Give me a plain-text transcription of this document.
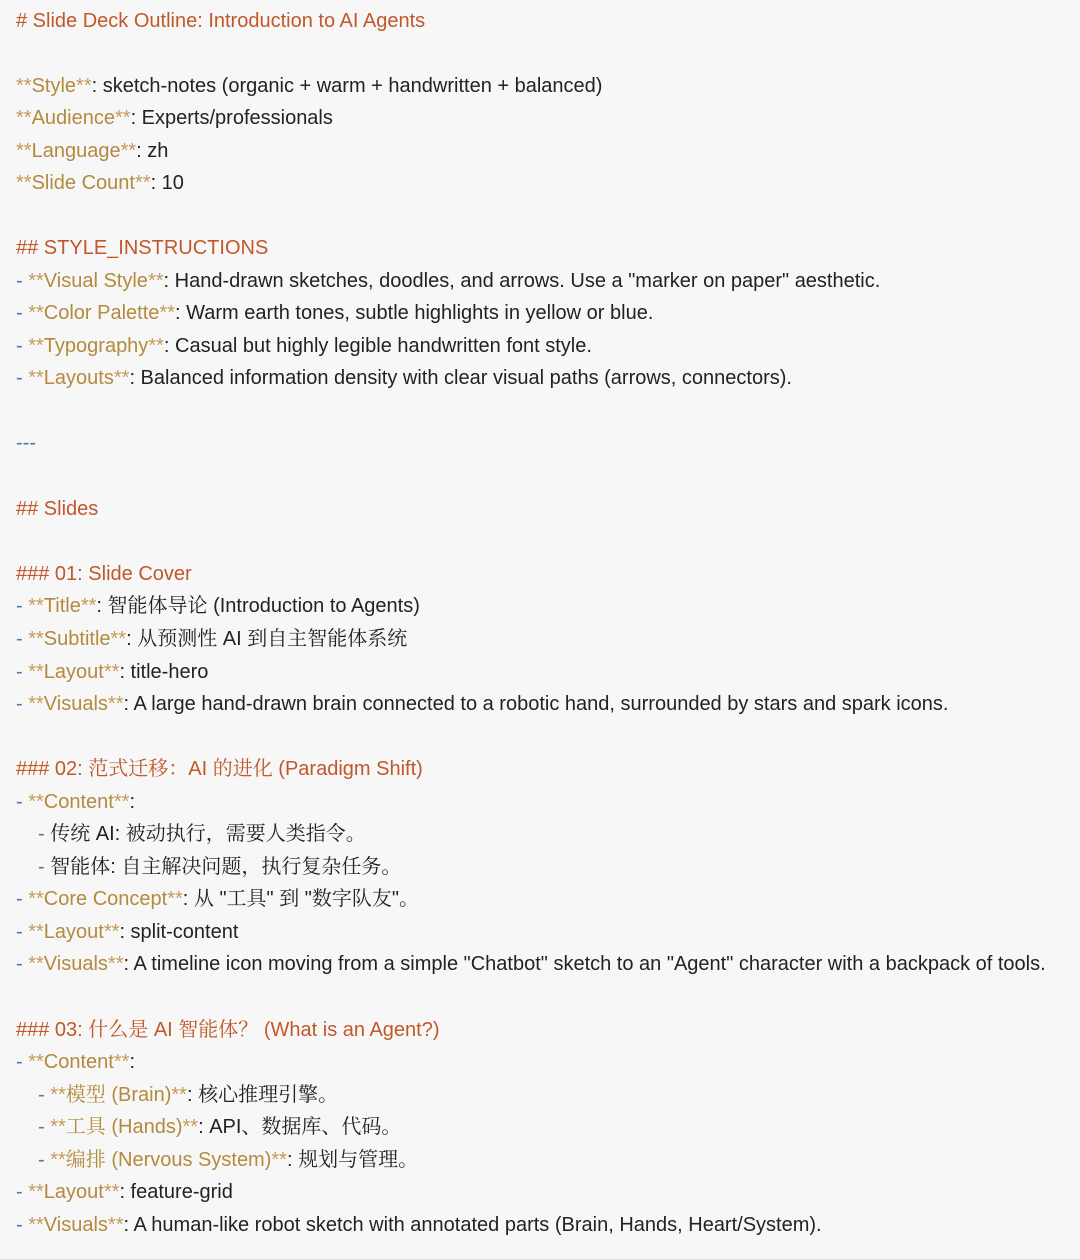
# Slide Deck Outline: Introduction to AI Agents
**Style**: sketch-notes (organic + warm + handwritten + balanced)
**Audience**: Experts/professionals
**Language**: zh
**Slide Count**: 10
## STYLE_INSTRUCTIONS
- **Visual Style**: Hand-drawn sketches, doodles, and arrows. Use a "marker on paper" aesthetic.
- **Color Palette**: Warm earth tones, subtle highlights in yellow or blue.
- **Typography**: Casual but highly legible handwritten font style.
- **Layouts**: Balanced information density with clear visual paths (arrows, connectors).
---
## Slides
### 01: Slide Cover
- **Title**: 智能体导论 (Introduction to Agents)
- **Subtitle**: 从预测性 AI 到自主智能体系统
- **Layout**: title-hero
- **Visuals**: A large hand-drawn brain connected to a robotic hand, surrounded by stars and spark icons.
### 02: 范式迁移：AI 的进化 (Paradigm Shift)
- **Content**:
- 传统 AI: 被动执行，需要人类指令。
- 智能体: 自主解决问题，执行复杂任务。
- **Core Concept**: 从 "工具" 到 "数字队友"。
- **Layout**: split-content
- **Visuals**: A timeline icon moving from a simple "Chatbot" sketch to an "Agent" character with a backpack of tools.
### 03: 什么是 AI 智能体？ (What is an Agent?)
- **Content**:
- **模型 (Brain)**: 核心推理引擎。
- **工具 (Hands)**: API、数据库、代码。
- **编排 (Nervous System)**: 规划与管理。
- **Layout**: feature-grid
- **Visuals**: A human-like robot sketch with annotated parts (Brain, Hands, Heart/System).
